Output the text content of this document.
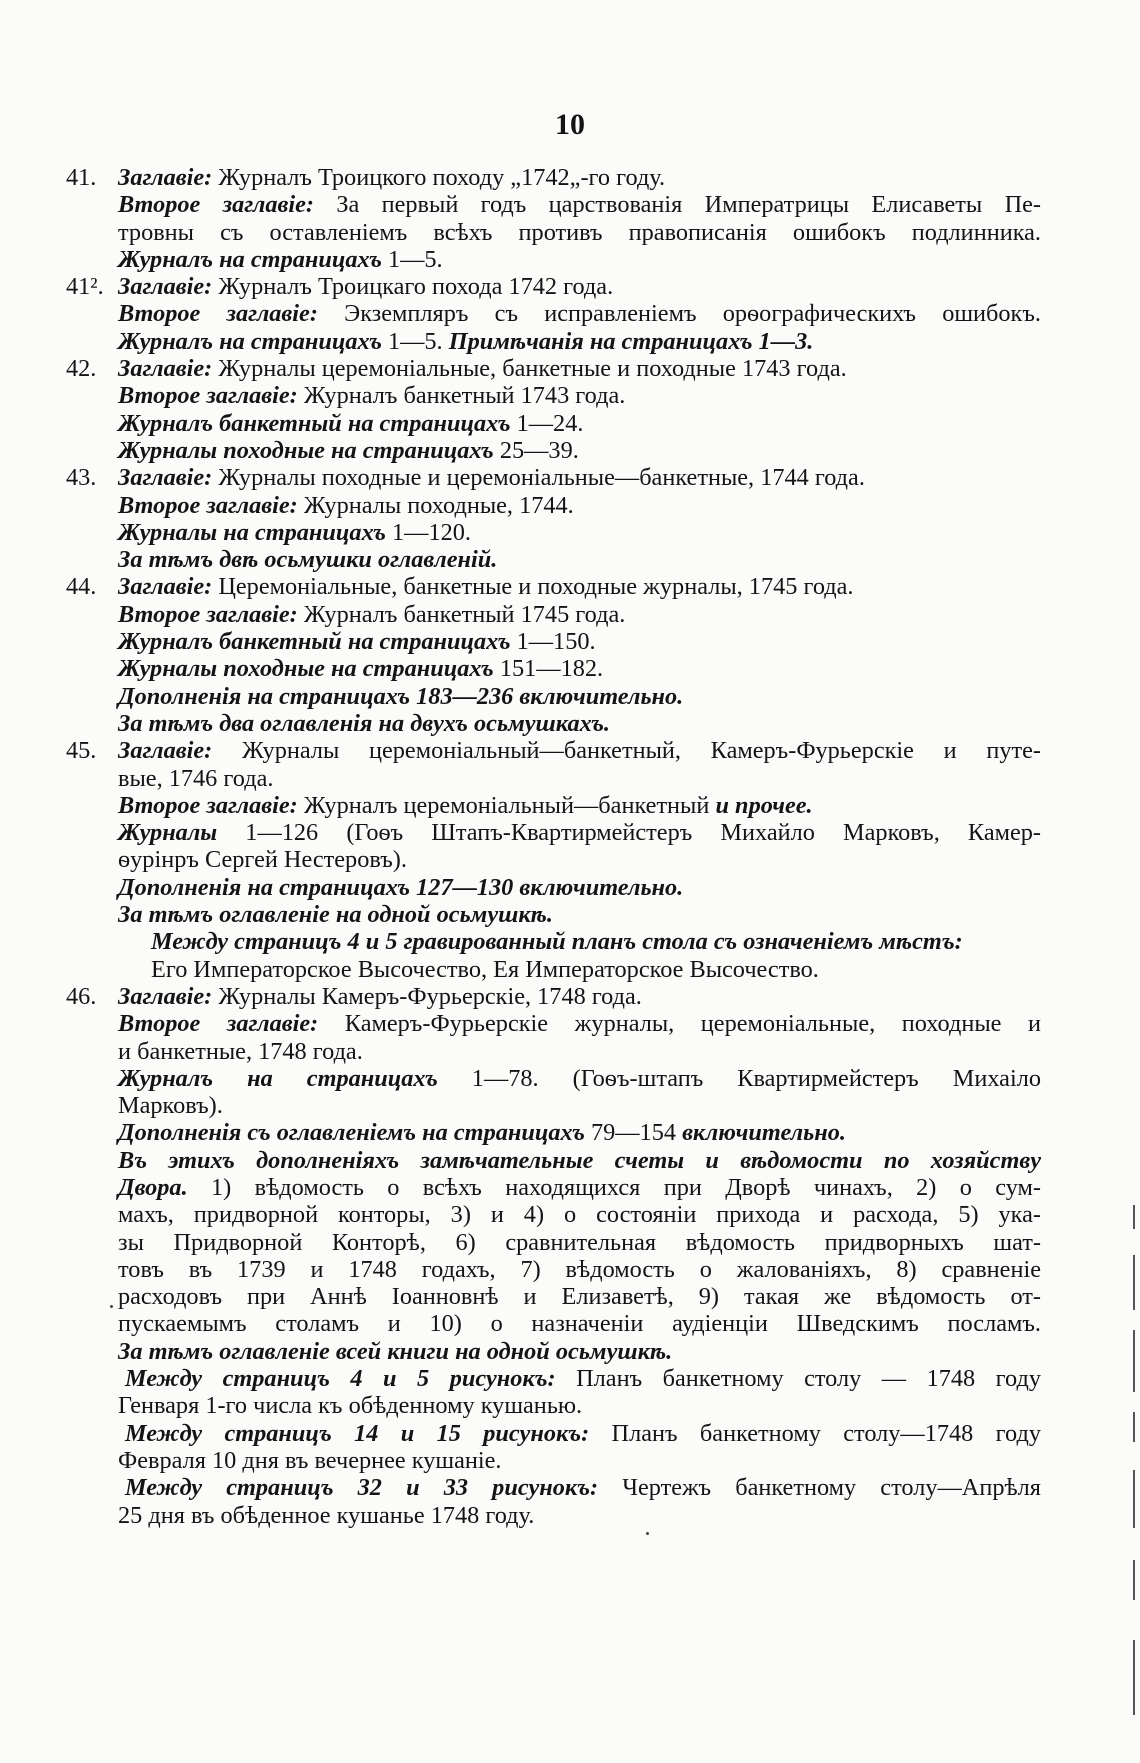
10
41. Заглавіе: Журналъ Троицкого походу „1742„-го году.
Второе заглавіе: За первый годъ царствованія Императрицы Елисаветы Пе-
тровны съ оставленіемъ всѣхъ противъ правописанія ошибокъ подлинника.
Журналъ на страницахъ 1—5.
41². Заглавіе: Журналъ Троицкаго похода 1742 года.
Второе заглавіе: Экземпляръ съ исправленіемъ орѳографическихъ ошибокъ.
Журналъ на страницахъ 1—5. Примѣчанія на страницахъ 1—3.
42. Заглавіе: Журналы церемоніальные, банкетные и походные 1743 года.
Второе заглавіе: Журналъ банкетный 1743 года.
Журналъ банкетный на страницахъ 1—24.
Журналы походные на страницахъ 25—39.
43. Заглавіе: Журналы походные и церемоніальные—банкетные, 1744 года.
Второе заглавіе: Журналы походные, 1744.
Журналы на страницахъ 1—120.
За тѣмъ двѣ осьмушки оглавленій.
44. Заглавіе: Церемоніальные, банкетные и походные журналы, 1745 года.
Второе заглавіе: Журналъ банкетный 1745 года.
Журналъ банкетный на страницахъ 1—150.
Журналы походные на страницахъ 151—182.
Дополненія на страницахъ 183—236 включительно.
За тѣмъ два оглавленія на двухъ осьмушкахъ.
45. Заглавіе: Журналы церемоніальный—банкетный, Камеръ-Фурьерскіе и путе-
вые, 1746 года.
Второе заглавіе: Журналъ церемоніальный—банкетный и прочее.
Журналы 1—126 (Гоѳъ Штапъ-Квартирмейстеръ Михайло Марковъ, Камер-
ѳурінръ Сергей Нестеровъ).
Дополненія на страницахъ 127—130 включительно.
За тѣмъ оглавленіе на одной осьмушкѣ.
Между страницъ 4 и 5 гравированный планъ стола съ означеніемъ мѣстъ:
Его Императорское Высочество, Ея Императорское Высочество.
46. Заглавіе: Журналы Камеръ-Фурьерскіе, 1748 года.
Второе заглавіе: Камеръ-Фурьерскіе журналы, церемоніальные, походные и
и банкетные, 1748 года.
Журналъ на страницахъ 1—78. (Гоѳъ-штапъ Квартирмейстеръ Михаіло
Марковъ).
Дополненія съ оглавленіемъ на страницахъ 79—154 включительно.
Въ этихъ дополненіяхъ замѣчательные счеты и вѣдомости по хозяйству
Двора. 1) вѣдомость о всѣхъ находящихся при Дворѣ чинахъ, 2) о сум-
махъ, придворной конторы, 3) и 4) о состояніи прихода и расхода, 5) ука-
зы Придворной Конторѣ, 6) сравнительная вѣдомость придворныхъ шат-
товъ въ 1739 и 1748 годахъ, 7) вѣдомость о жалованіяхъ, 8) сравненіе
расходовъ при Аннѣ Іоанновнѣ и Елизаветѣ, 9) такая же вѣдомость от-
пускаемымъ столамъ и 10) о назначеніи аудіенціи Шведскимъ посламъ.
За тѣмъ оглавленіе всей книги на одной осьмушкѣ.
Между страницъ 4 и 5 рисунокъ: Планъ банкетному столу — 1748 году
Генваря 1-го числа къ обѣденному кушанью.
Между страницъ 14 и 15 рисунокъ: Планъ банкетному столу—1748 году
Февраля 10 дня въ вечернее кушаніе.
Между страницъ 32 и 33 рисунокъ: Чертежъ банкетному столу—Апрѣля
25 дня въ обѣденное кушанье 1748 году.
